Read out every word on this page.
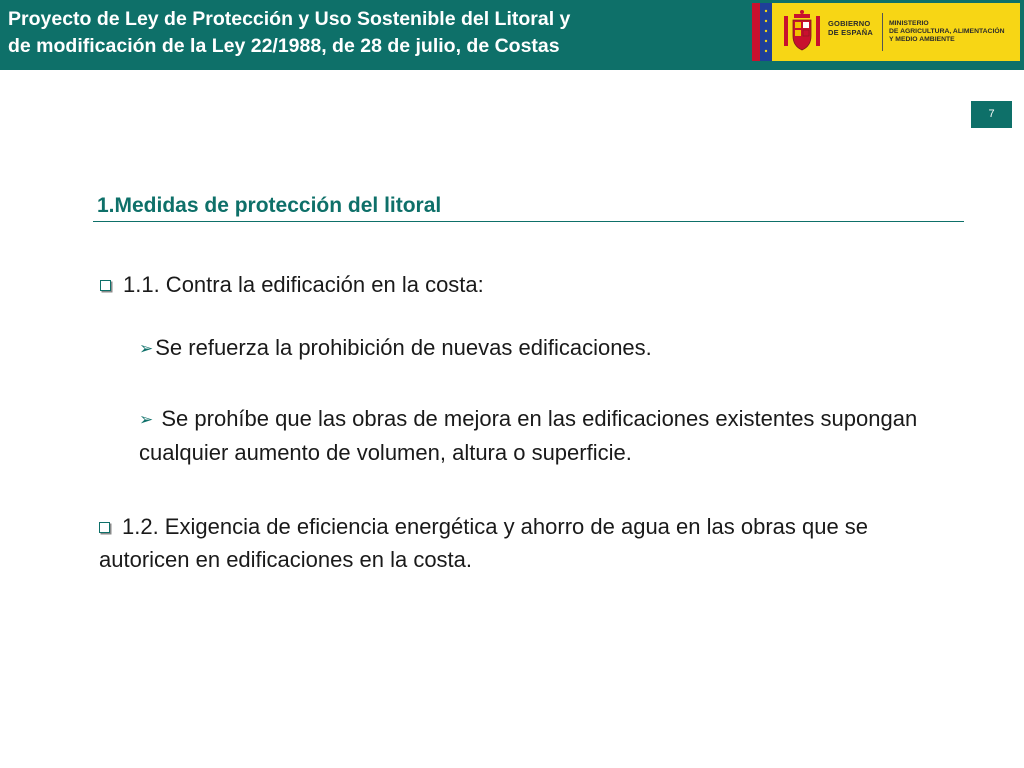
Proyecto de Ley de Protección y Uso Sostenible del Litoral y
de modificación de la Ley 22/1988, de 28 de julio, de Costas
GOBIERNO
DE ESPAÑA
MINISTERIO
DE AGRICULTURA, ALIMENTACIÓN
Y MEDIO AMBIENTE
7
1.Medidas de protección del litoral
1.1. Contra la edificación en la costa:
➢Se refuerza la prohibición de nuevas edificaciones.
➢ Se prohíbe que las obras de mejora en las edificaciones existentes supongan cualquier aumento de volumen, altura o superficie.
1.2. Exigencia de eficiencia energética y ahorro de agua en las obras que se autoricen en edificaciones en la costa.
